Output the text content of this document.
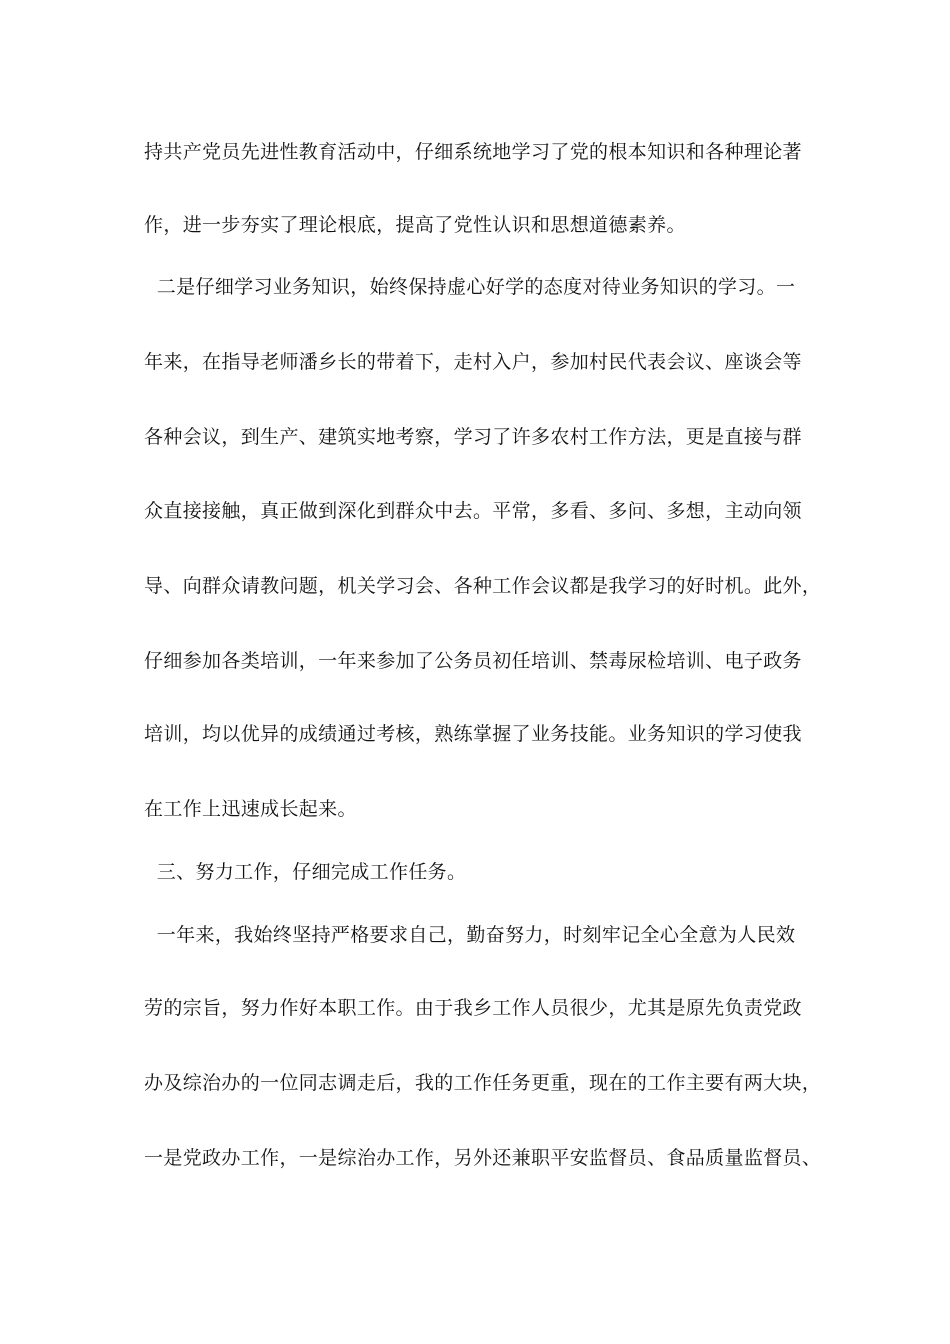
持共产党员先进性教育活动中，仔细系统地学习了党的根本知识和各种理论著
作，进一步夯实了理论根底，提高了党性认识和思想道德素养。
二是仔细学习业务知识，始终保持虚心好学的态度对待业务知识的学习。一
年来，在指导老师潘乡长的带着下，走村入户，参加村民代表会议、座谈会等
各种会议，到生产、建筑实地考察，学习了许多农村工作方法，更是直接与群
众直接接触，真正做到深化到群众中去。平常，多看、多问、多想，主动向领
导、向群众请教问题，机关学习会、各种工作会议都是我学习的好时机。此外，
仔细参加各类培训，一年来参加了公务员初任培训、禁毒尿检培训、电子政务
培训，均以优异的成绩通过考核，熟练掌握了业务技能。业务知识的学习使我
在工作上迅速成长起来。
三、努力工作，仔细完成工作任务。
一年来，我始终坚持严格要求自己，勤奋努力，时刻牢记全心全意为人民效
劳的宗旨，努力作好本职工作。由于我乡工作人员很少，尤其是原先负责党政
办及综治办的一位同志调走后，我的工作任务更重，现在的工作主要有两大块，
一是党政办工作，一是综治办工作，另外还兼职平安监督员、食品质量监督员、
